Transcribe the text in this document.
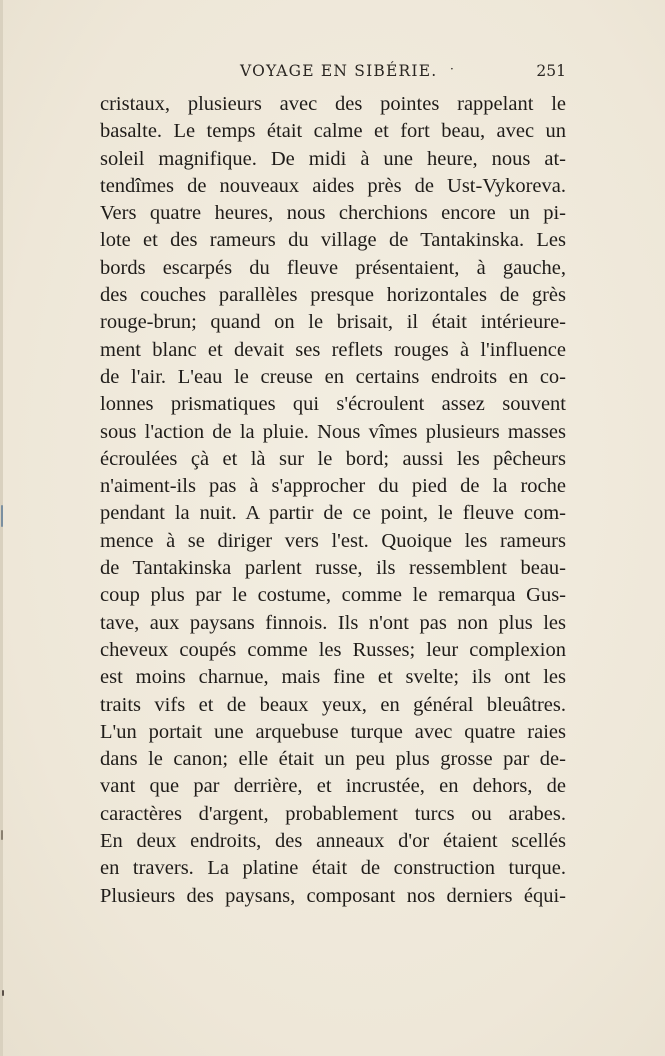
VOYAGE EN SIBÉRIE. ·	251
cristaux, plusieurs avec des pointes rappelant le
basalte. Le temps était calme et fort beau, avec un
soleil magnifique. De midi à une heure, nous at-
tendîmes de nouveaux aides près de Ust-Vykoreva.
Vers quatre heures, nous cherchions encore un pi-
lote et des rameurs du village de Tantakinska. Les
bords escarpés du fleuve présentaient, à gauche,
des couches parallèles presque horizontales de grès
rouge-brun; quand on le brisait, il était intérieure-
ment blanc et devait ses reflets rouges à l'influence
de l'air. L'eau le creuse en certains endroits en co-
lonnes prismatiques qui s'écroulent assez souvent
sous l'action de la pluie. Nous vîmes plusieurs masses
écroulées çà et là sur le bord; aussi les pêcheurs
n'aiment-ils pas à s'approcher du pied de la roche
pendant la nuit. A partir de ce point, le fleuve com-
mence à se diriger vers l'est. Quoique les rameurs
de Tantakinska parlent russe, ils ressemblent beau-
coup plus par le costume, comme le remarqua Gus-
tave, aux paysans finnois. Ils n'ont pas non plus les
cheveux coupés comme les Russes; leur complexion
est moins charnue, mais fine et svelte; ils ont les
traits vifs et de beaux yeux, en général bleuâtres.
L'un portait une arquebuse turque avec quatre raies
dans le canon; elle était un peu plus grosse par de-
vant que par derrière, et incrustée, en dehors, de
caractères d'argent, probablement turcs ou arabes.
En deux endroits, des anneaux d'or étaient scellés
en travers. La platine était de construction turque.
Plusieurs des paysans, composant nos derniers équi-
